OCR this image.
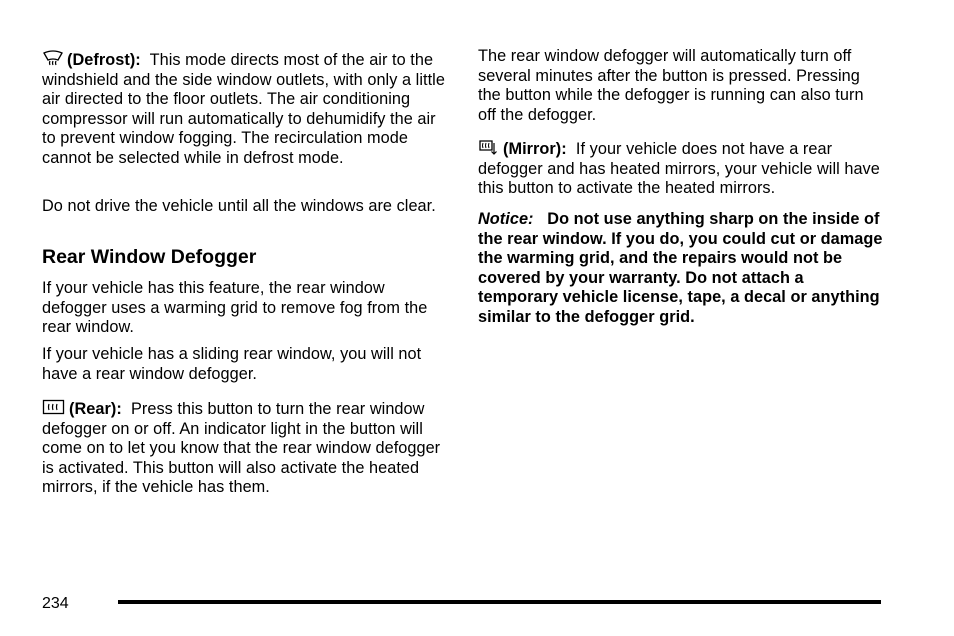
(Defrost): This mode directs most of the air to the windshield and the side window outlets, with only a little air directed to the floor outlets. The air conditioning compressor will run automatically to dehumidify the air to prevent window fogging. The recirculation mode cannot be selected while in defrost mode.

Do not drive the vehicle until all the windows are clear.

Rear Window Defogger

If your vehicle has this feature, the rear window defogger uses a warming grid to remove fog from the rear window.

If your vehicle has a sliding rear window, you will not have a rear window defogger.

(Rear): Press this button to turn the rear window defogger on or off. An indicator light in the button will come on to let you know that the rear window defogger is activated. This button will also activate the heated mirrors, if the vehicle has them.

The rear window defogger will automatically turn off several minutes after the button is pressed. Pressing the button while the defogger is running can also turn off the defogger.

(Mirror): If your vehicle does not have a rear defogger and has heated mirrors, your vehicle will have this button to activate the heated mirrors.

Notice: Do not use anything sharp on the inside of the rear window. If you do, you could cut or damage the warming grid, and the repairs would not be covered by your warranty. Do not attach a temporary vehicle license, tape, a decal or anything similar to the defogger grid.

234
